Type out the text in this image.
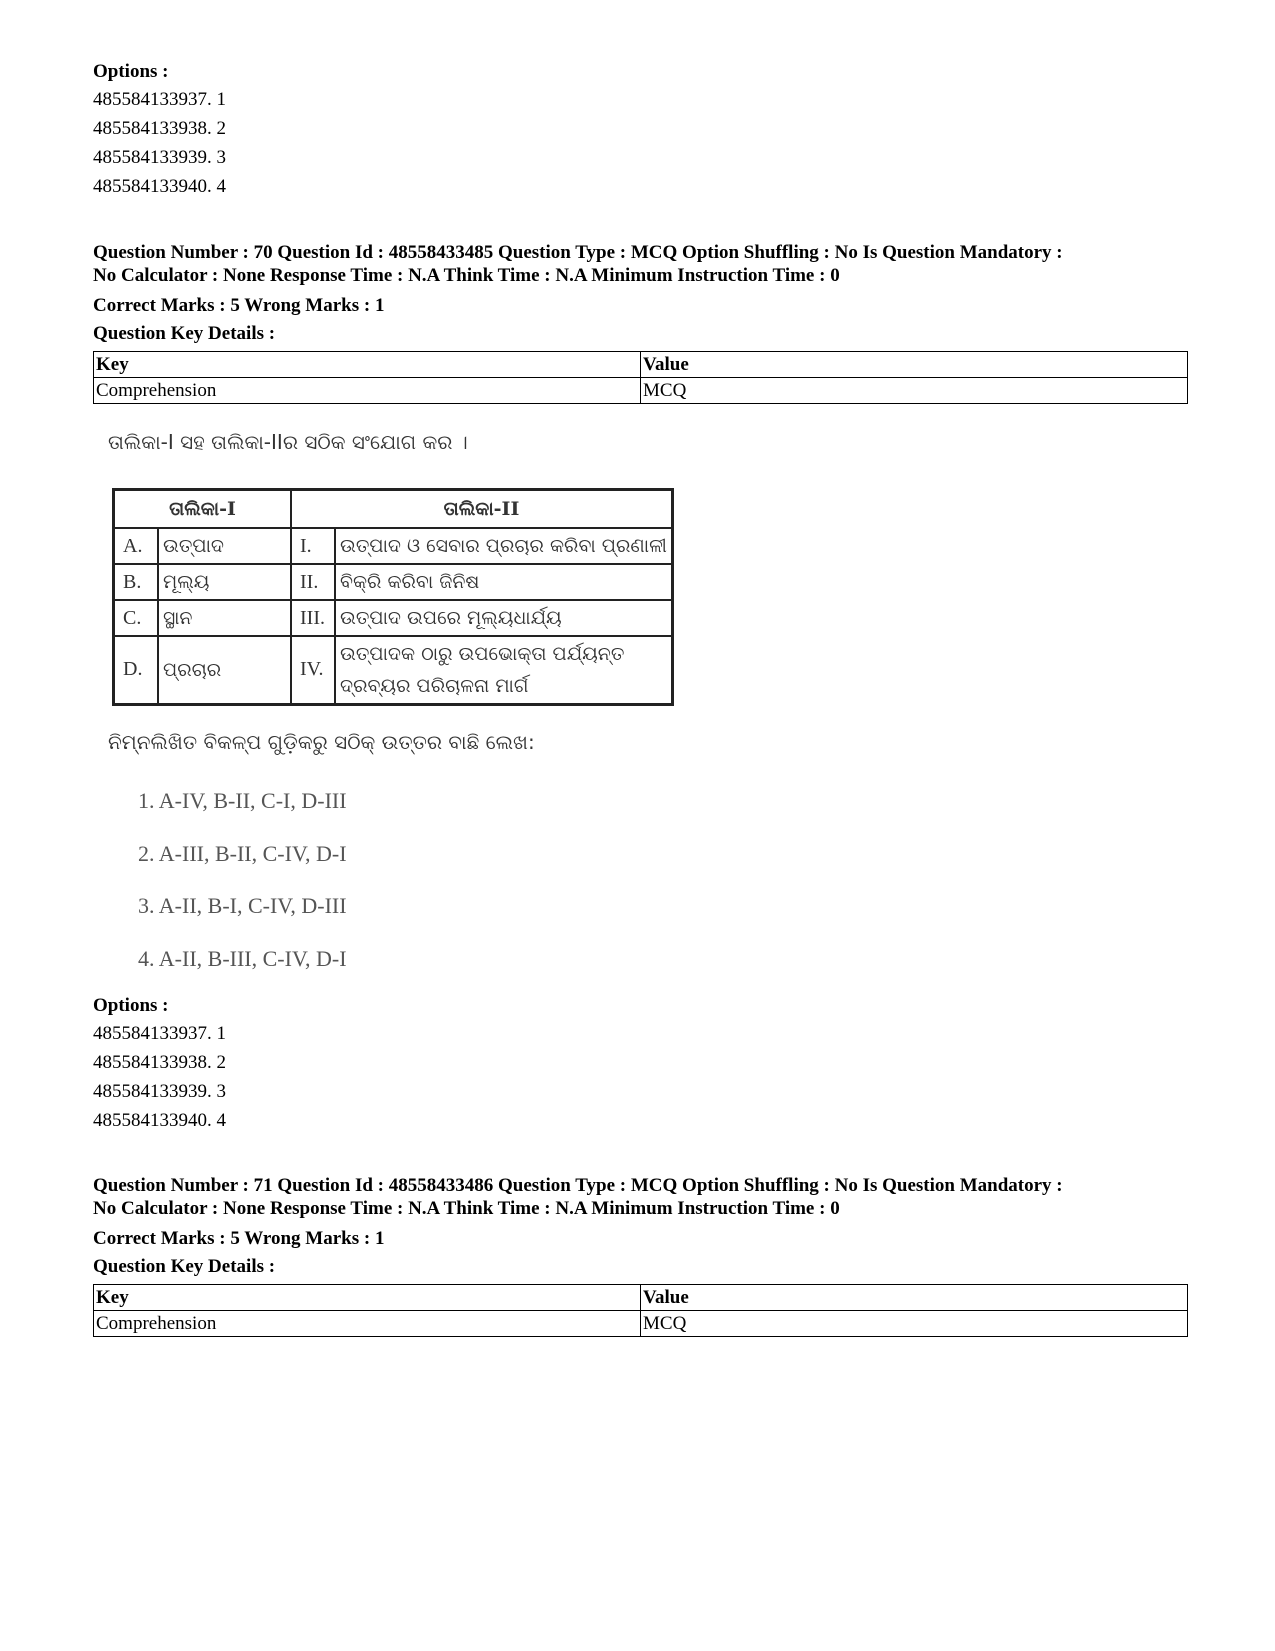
Options :
485584133937. 1
485584133938. 2
485584133939. 3
485584133940. 4
Question Number : 70 Question Id : 48558433485 Question Type : MCQ Option Shuffling : No Is Question Mandatory :
No Calculator : None Response Time : N.A Think Time : N.A Minimum Instruction Time : 0
Correct Marks : 5 Wrong Marks : 1
Question Key Details :
Key	Value
Comprehension	MCQ
ତାଲିକା-I ସହ ତାଲିକା-IIର ସଠିକ ସଂଯୋଗ କର ।
ତାଲିକା-I		ତାଲିକା-II	
A.	ଉତ୍ପାଦ	I.	ଉତ୍ପାଦ ଓ ସେବାର ପ୍ରଚାର କରିବା ପ୍ରଣାଳୀ
B.	ମୂଲ୍ୟ	II.	ବିକ୍ରି କରିବା ଜିନିଷ
C.	ସ୍ଥାନ	III.	ଉତ୍ପାଦ ଉପରେ ମୂଲ୍ୟଧାର୍ଯ୍ୟ
D.	ପ୍ରଚାର	IV.	ଉତ୍ପାଦକ ଠାରୁ ଉପଭୋକ୍ତା ପର୍ଯ୍ୟନ୍ତ ଦ୍ରବ୍ୟର ପରିଚାଳନା ମାର୍ଗ
ନିମ୍ନଲିଖିତ ବିକଳ୍ପ ଗୁଡ଼ିକରୁ ସଠିକ୍ ଉତ୍ତର ବାଛି ଲେଖ:
1. A-IV, B-II, C-I, D-III
2. A-III, B-II, C-IV, D-I
3. A-II, B-I, C-IV, D-III
4. A-II, B-III, C-IV, D-I
Options :
485584133937. 1
485584133938. 2
485584133939. 3
485584133940. 4
Question Number : 71 Question Id : 48558433486 Question Type : MCQ Option Shuffling : No Is Question Mandatory :
No Calculator : None Response Time : N.A Think Time : N.A Minimum Instruction Time : 0
Correct Marks : 5 Wrong Marks : 1
Question Key Details :
Key	Value
Comprehension	MCQ
